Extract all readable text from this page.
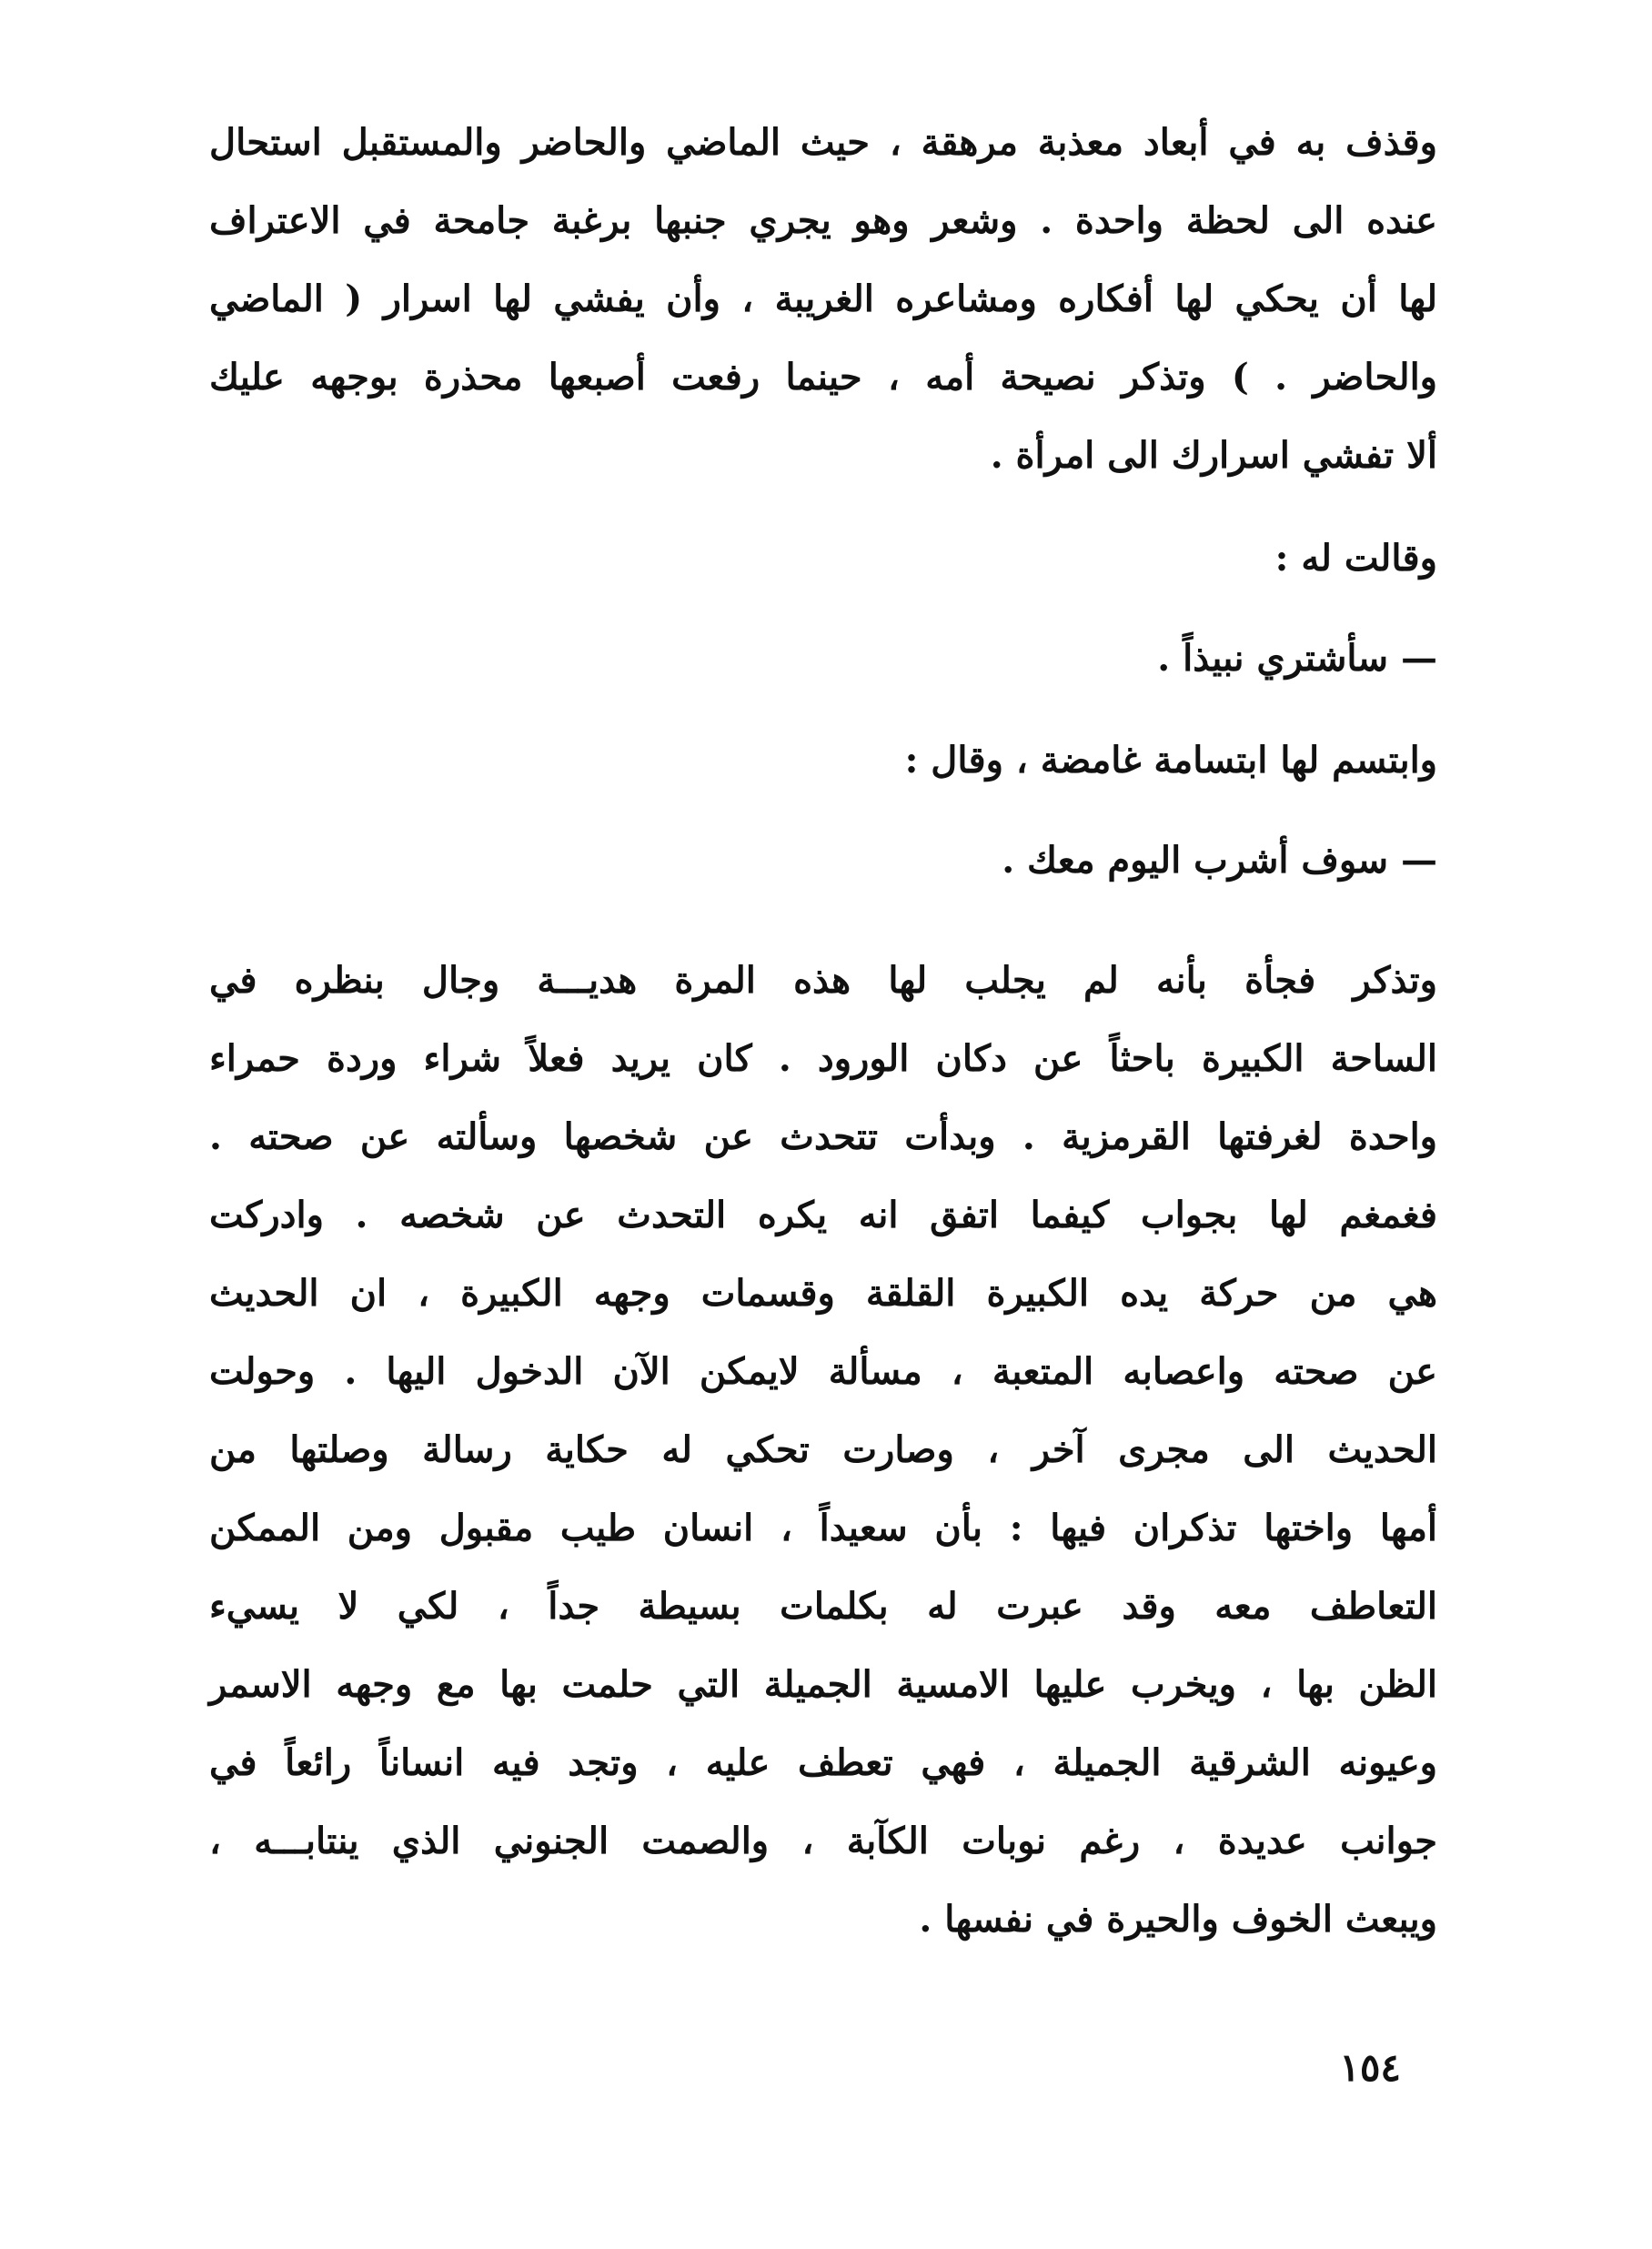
وقذف به في أبعاد معذبة مرهقة ، حيث الماضي والحاضر والمستقبل استحال
عنده الى لحظة واحدة . وشعر وهو يجري جنبها برغبة جامحة في الاعتراف
لها أن يحكي لها أفكاره ومشاعره الغريبة ، وأن يفشي لها اسرار ( الماضي
والحاضر . ) وتذكر نصيحة أمه ، حينما رفعت أصبعها محذرة بوجهه عليك
ألا تفشي اسرارك الى امرأة .
وقالت له :
— سأشتري نبيذاً .
وابتسم لها ابتسامة غامضة ، وقال :
— سوف أشرب اليوم معك .
وتذكر فجأة بأنه لم يجلب لها هذه المرة هديـــة وجال بنظره في
الساحة الكبيرة باحثاً عن دكان الورود . كان يريد فعلاً شراء وردة حمراء
واحدة لغرفتها القرمزية . وبدأت تتحدث عن شخصها وسألته عن صحته .
فغمغم لها بجواب كيفما اتفق انه يكره التحدث عن شخصه . وادركت
هي من حركة يده الكبيرة القلقة وقسمات وجهه الكبيرة ، ان الحديث
عن صحته واعصابه المتعبة ، مسألة لايمكن الآن الدخول اليها . وحولت
الحديث الى مجرى آخر ، وصارت تحكي له حكاية رسالة وصلتها من
أمها واختها تذكران فيها : بأن سعيداً ، انسان طيب مقبول ومن الممكن
التعاطف معه وقد عبرت له بكلمات بسيطة جداً ، لكي لا يسيء
الظن بها ، ويخرب عليها الامسية الجميلة التي حلمت بها مع وجهه الاسمر
وعيونه الشرقية الجميلة ، فهي تعطف عليه ، وتجد فيه انساناً رائعاً في
جوانب عديدة ، رغم نوبات الكآبة ، والصمت الجنوني الذي ينتابـــه ،
ويبعث الخوف والحيرة في نفسها .
١٥٤
